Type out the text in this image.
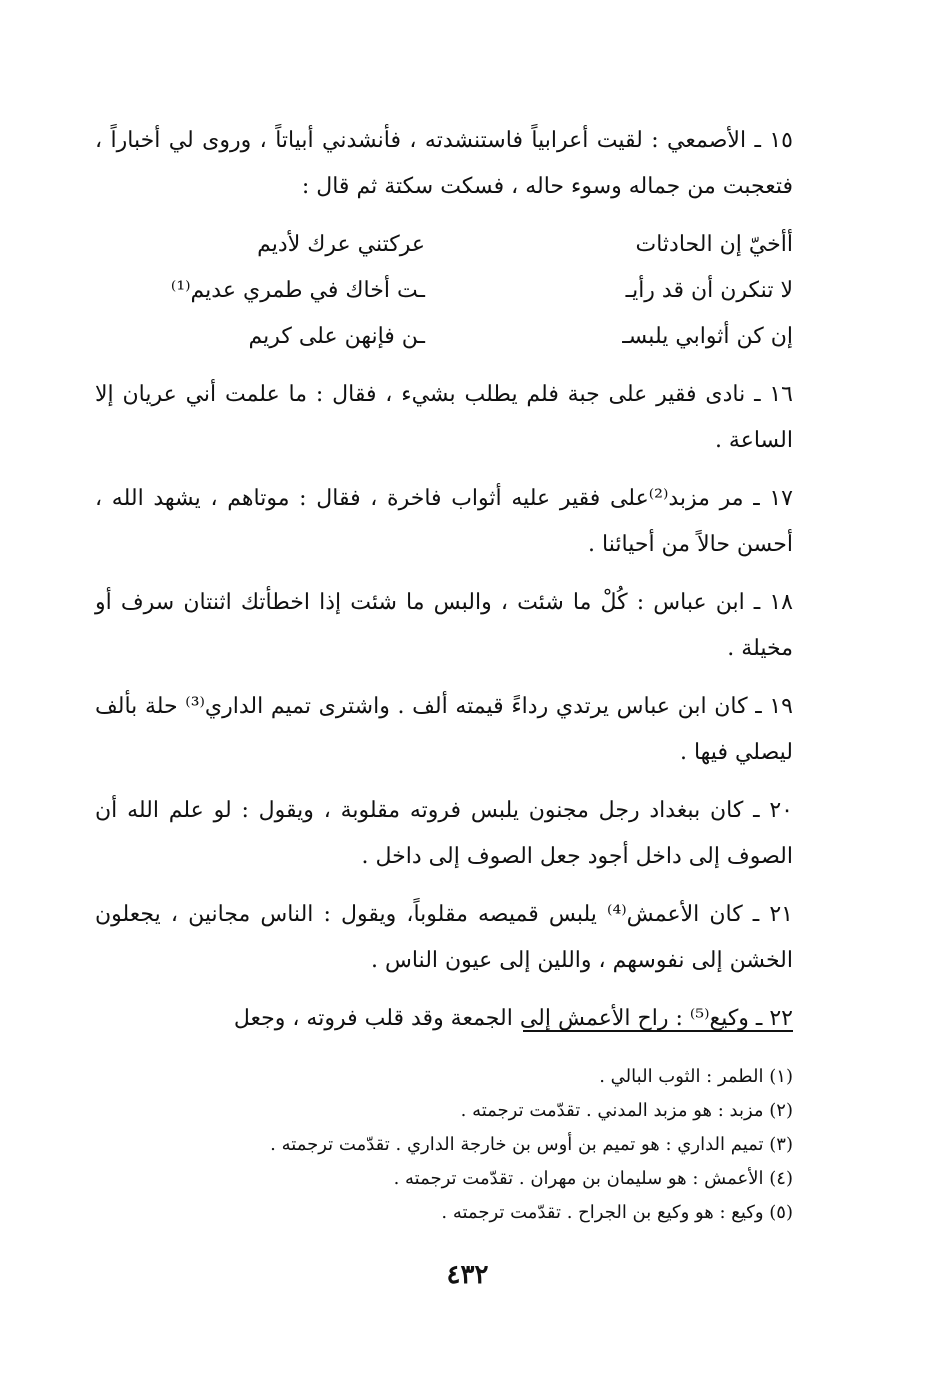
١٥ ـ الأصمعي : لقيت أعرابياً فاستنشدته ، فأنشدني أبياتاً ، وروى لي أخباراً ، فتعجبت من جماله وسوء حاله ، فسكت سكتة ثم قال :

أأخيّ إن الحادثات
عركتني عرك لأديم
لا تنكرن أن قد رأيـ
ـت أخاك في طمري عديم⁽¹⁾
إن كن أثوابي يلبسـ
ـن فإنهن على كريم

١٦ ـ نادى فقير على جبة فلم يطلب بشيء ، فقال : ما علمت أني عريان إلا الساعة .

١٧ ـ مر مزبد⁽²⁾على فقير عليه أثواب فاخرة ، فقال : موتاهم ، يشهد الله ، أحسن حالاً من أحيائنا .

١٨ ـ ابن عباس : كُلْ ما شئت ، والبس ما شئت إذا اخطأتك اثنتان سرف أو مخيلة .

١٩ ـ كان ابن عباس يرتدي رداءً قيمته ألف . واشترى تميم الداري⁽³⁾ حلة بألف ليصلي فيها .

٢٠ ـ كان ببغداد رجل مجنون يلبس فروته مقلوبة ، ويقول : لو علم الله أن الصوف إلى داخل أجود جعل الصوف إلى داخل .

٢١ ـ كان الأعمش⁽⁴⁾ يلبس قميصه مقلوباً، ويقول : الناس مجانين ، يجعلون الخشن إلى نفوسهم ، واللين إلى عيون الناس .

٢٢ ـ وكيع⁽⁵⁾ : راح الأعمش إلى الجمعة وقد قلب فروته ، وجعل

(١) الطمر : الثوب البالي .

(٢) مزبد : هو مزبد المدني . تقدّمت ترجمته .

(٣) تميم الداري : هو تميم بن أوس بن خارجة الداري . تقدّمت ترجمته .

(٤) الأعمش : هو سليمان بن مهران . تقدّمت ترجمته .

(٥) وكيع : هو وكيع بن الجراح . تقدّمت ترجمته .

٤٣٢
